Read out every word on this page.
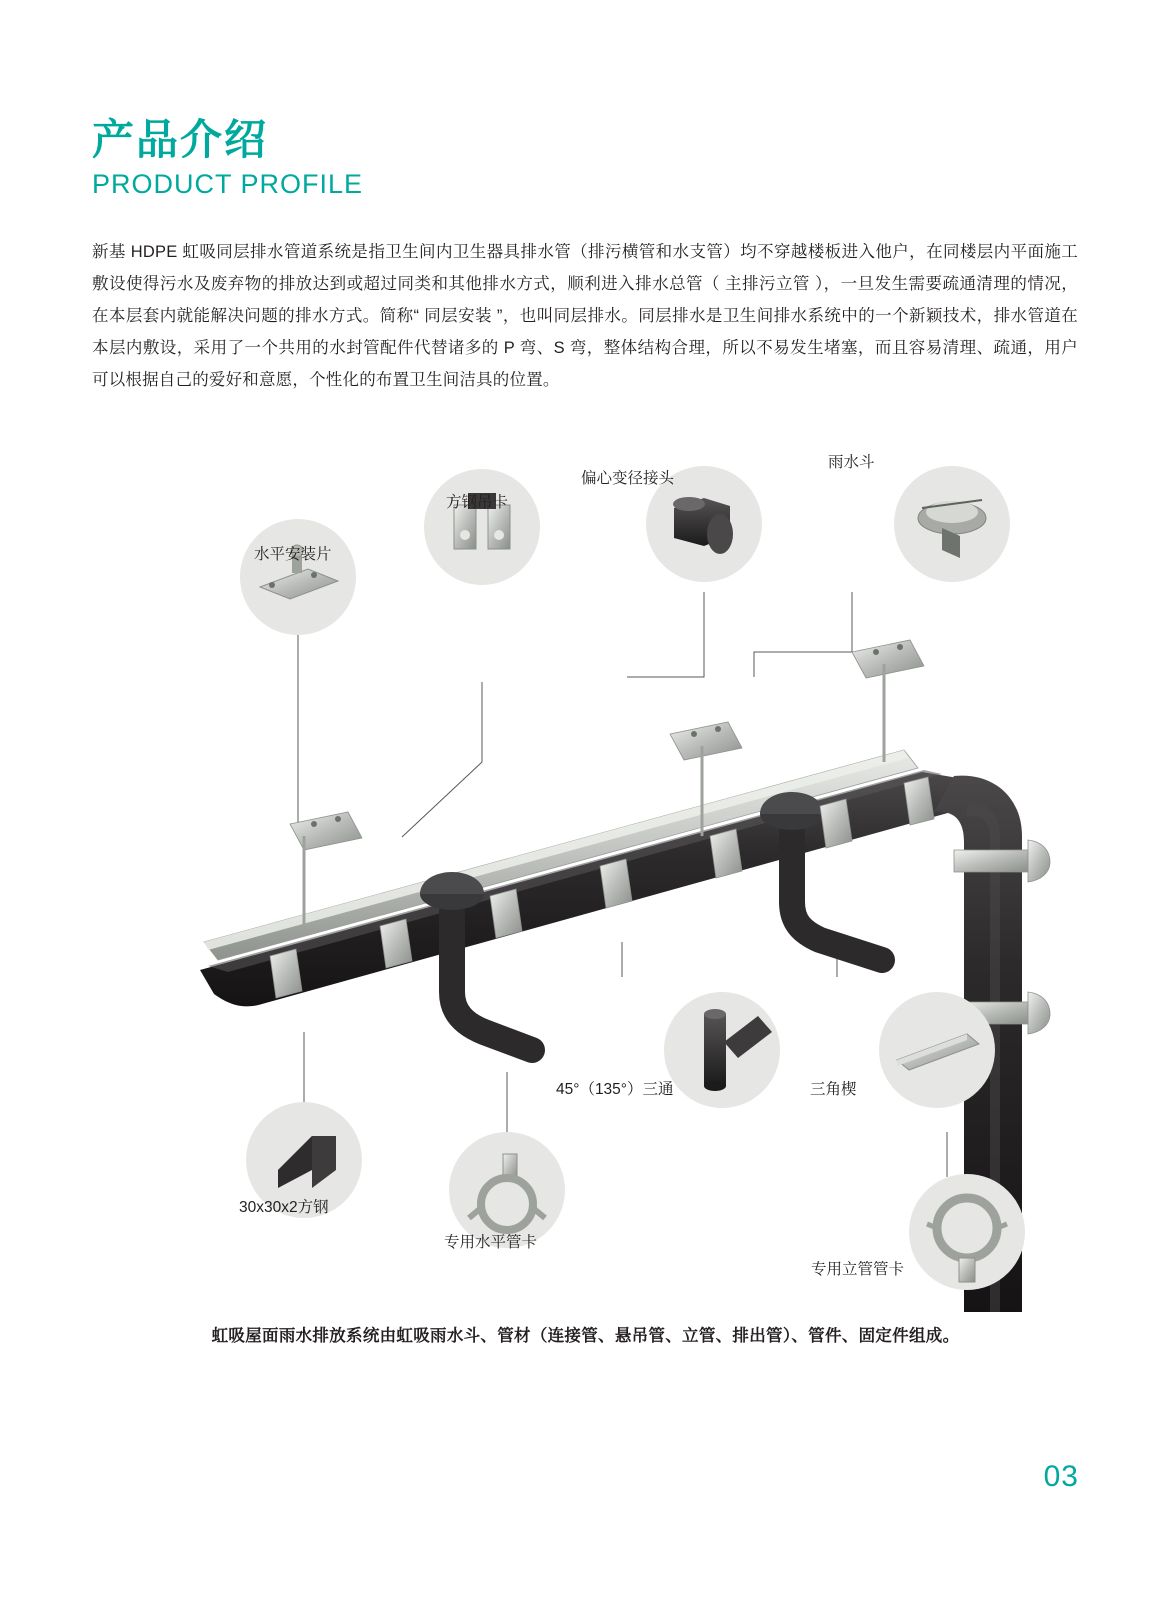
产品介绍
PRODUCT PROFILE
新基 HDPE 虹吸同层排水管道系统是指卫生间内卫生器具排水管（排污横管和水支管）均不穿越楼板进入他户，在同楼层内平面施工敷设使得污水及废弃物的排放达到或超过同类和其他排水方式，顺利进入排水总管（ 主排污立管 ），一旦发生需要疏通清理的情况，在本层套内就能解决问题的排水方式。简称“ 同层安装 ”，也叫同层排水。同层排水是卫生间排水系统中的一个新颖技术，排水管道在本层内敷设，采用了一个共用的水封管配件代替诸多的 P 弯、S 弯，整体结构合理，所以不易发生堵塞，而且容易清理、疏通，用户可以根据自己的爱好和意愿，个性化的布置卫生间洁具的位置。
水平安装片
方钢吊卡
偏心变径接头
雨水斗
30x30x2方钢
专用水平管卡
45°（135°）三通	三角楔
专用立管管卡
虹吸屋面雨水排放系统由虹吸雨水斗、管材（连接管、悬吊管、立管、排出管）、管件、固定件组成。
03
